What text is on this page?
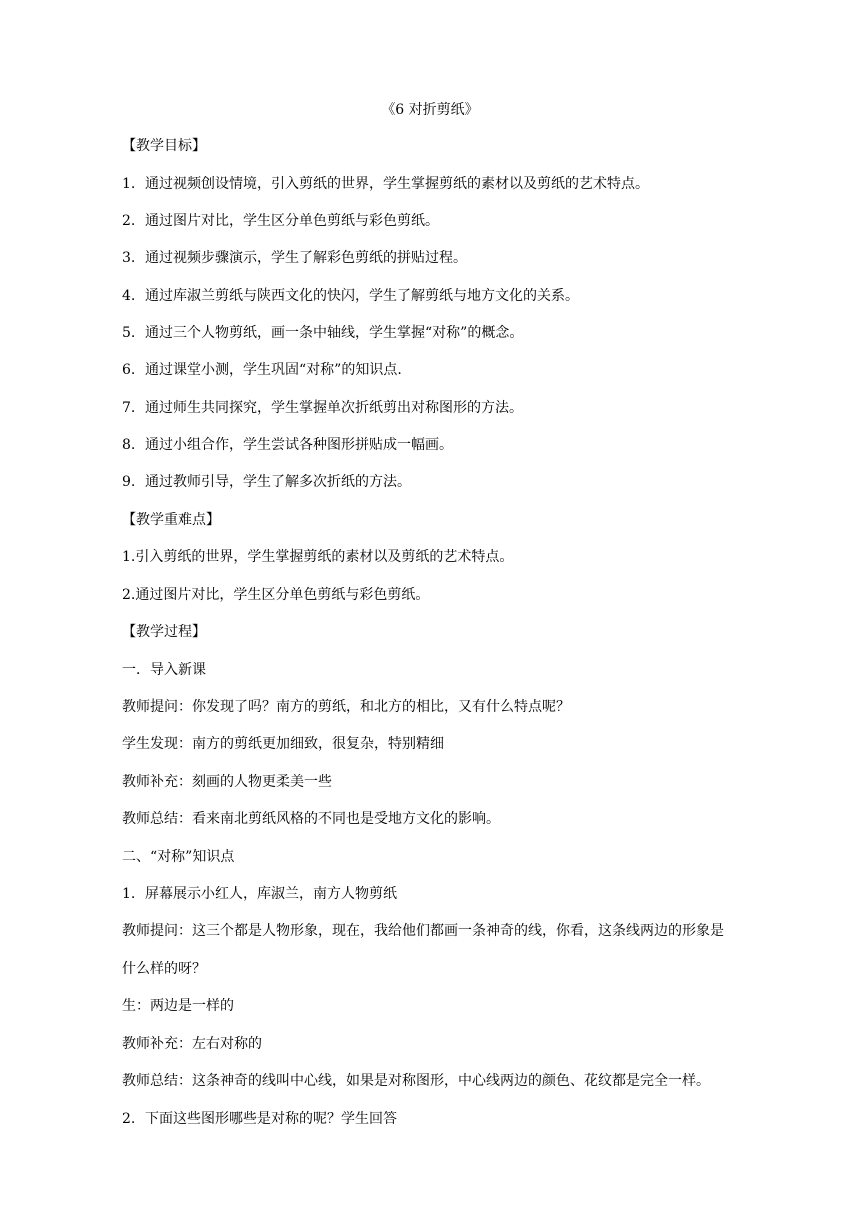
《6 对折剪纸》
【教学目标】
1. 通过视频创设情境，引入剪纸的世界，学生掌握剪纸的素材以及剪纸的艺术特点。
2. 通过图片对比，学生区分单色剪纸与彩色剪纸。
3. 通过视频步骤演示，学生了解彩色剪纸的拼贴过程。
4. 通过库淑兰剪纸与陕西文化的快闪，学生了解剪纸与地方文化的关系。
5. 通过三个人物剪纸，画一条中轴线，学生掌握“对称”的概念。
6. 通过课堂小测，学生巩固“对称”的知识点.
7. 通过师生共同探究，学生掌握单次折纸剪出对称图形的方法。
8. 通过小组合作，学生尝试各种图形拼贴成一幅画。
9. 通过教师引导，学生了解多次折纸的方法。
【教学重难点】
1.引入剪纸的世界，学生掌握剪纸的素材以及剪纸的艺术特点。
2.通过图片对比，学生区分单色剪纸与彩色剪纸。
【教学过程】
一．导入新课
教师提问：你发现了吗？南方的剪纸，和北方的相比，又有什么特点呢？
学生发现：南方的剪纸更加细致，很复杂，特别精细
教师补充：刻画的人物更柔美一些
教师总结：看来南北剪纸风格的不同也是受地方文化的影响。
二、“对称”知识点
1. 屏幕展示小红人，库淑兰，南方人物剪纸
教师提问：这三个都是人物形象，现在，我给他们都画一条神奇的线，你看，这条线两边的形象是
什么样的呀？
生：两边是一样的
教师补充：左右对称的
教师总结：这条神奇的线叫中心线，如果是对称图形，中心线两边的颜色、花纹都是完全一样。
2. 下面这些图形哪些是对称的呢？学生回答
